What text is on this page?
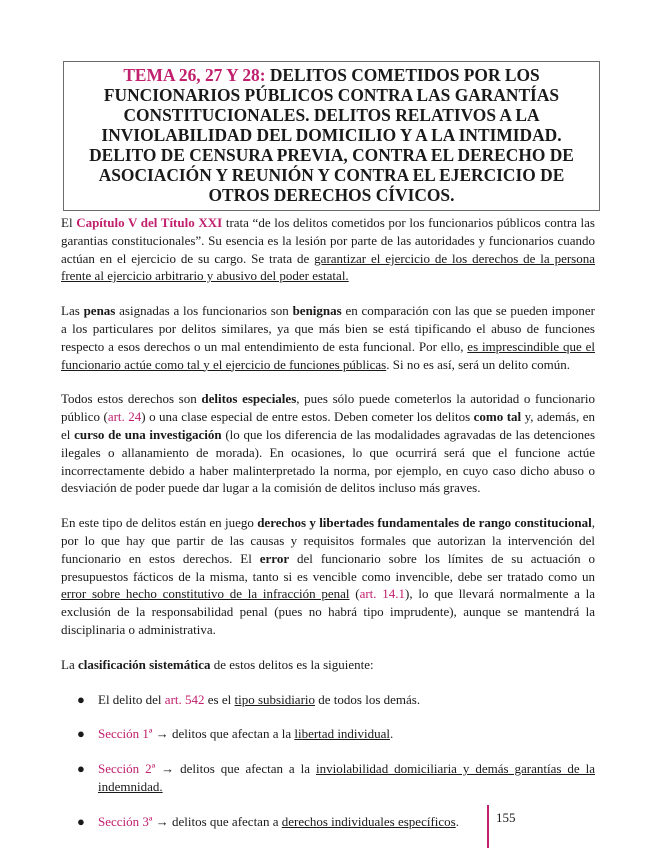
TEMA 26, 27 Y 28: DELITOS COMETIDOS POR LOS FUNCIONARIOS PÚBLICOS CONTRA LAS GARANTÍAS CONSTITUCIONALES. DELITOS RELATIVOS A LA INVIOLABILIDAD DEL DOMICILIO Y A LA INTIMIDAD. DELITO DE CENSURA PREVIA, CONTRA EL DERECHO DE ASOCIACIÓN Y REUNIÓN Y CONTRA EL EJERCICIO DE OTROS DERECHOS CÍVICOS.

El Capítulo V del Título XXI trata “de los delitos cometidos por los funcionarios públicos contra las garantias constitucionales”. Su esencia es la lesión por parte de las autoridades y funcionarios cuando actúan en el ejercicio de su cargo. Se trata de garantizar el ejercicio de los derechos de la persona frente al ejercicio arbitrario y abusivo del poder estatal.

Las penas asignadas a los funcionarios son benignas en comparación con las que se pueden imponer a los particulares por delitos similares, ya que más bien se está tipificando el abuso de funciones respecto a esos derechos o un mal entendimiento de esta funcional. Por ello, es imprescindible que el funcionario actúe como tal y el ejercicio de funciones públicas. Si no es así, será un delito común.

Todos estos derechos son delitos especiales, pues sólo puede cometerlos la autoridad o funcionario público (art. 24) o una clase especial de entre estos. Deben cometer los delitos como tal y, además, en el curso de una investigación (lo que los diferencia de las modalidades agravadas de las detenciones ilegales o allanamiento de morada). En ocasiones, lo que ocurrirá será que el funcione actúe incorrectamente debido a haber malinterpretado la norma, por ejemplo, en cuyo caso dicho abuso o desviación de poder puede dar lugar a la comisión de delitos incluso más graves.

En este tipo de delitos están en juego derechos y libertades fundamentales de rango constitucional, por lo que hay que partir de las causas y requisitos formales que autorizan la intervención del funcionario en estos derechos. El error del funcionario sobre los límites de su actuación o presupuestos fácticos de la misma, tanto si es vencible como invencible, debe ser tratado como un error sobre hecho constitutivo de la infracción penal (art. 14.1), lo que llevará normalmente a la exclusión de la responsabilidad penal (pues no habrá tipo imprudente), aunque se mantendrá la disciplinaria o administrativa.

La clasificación sistemática de estos delitos es la siguiente:

● El delito del art. 542 es el tipo subsidiario de todos los demás.
● Sección 1ª → delitos que afectan a la libertad individual.
● Sección 2ª → delitos que afectan a la inviolabilidad domiciliaria y demás garantías de la indemnidad.
● Sección 3ª → delitos que afectan a derechos individuales específicos.	155
